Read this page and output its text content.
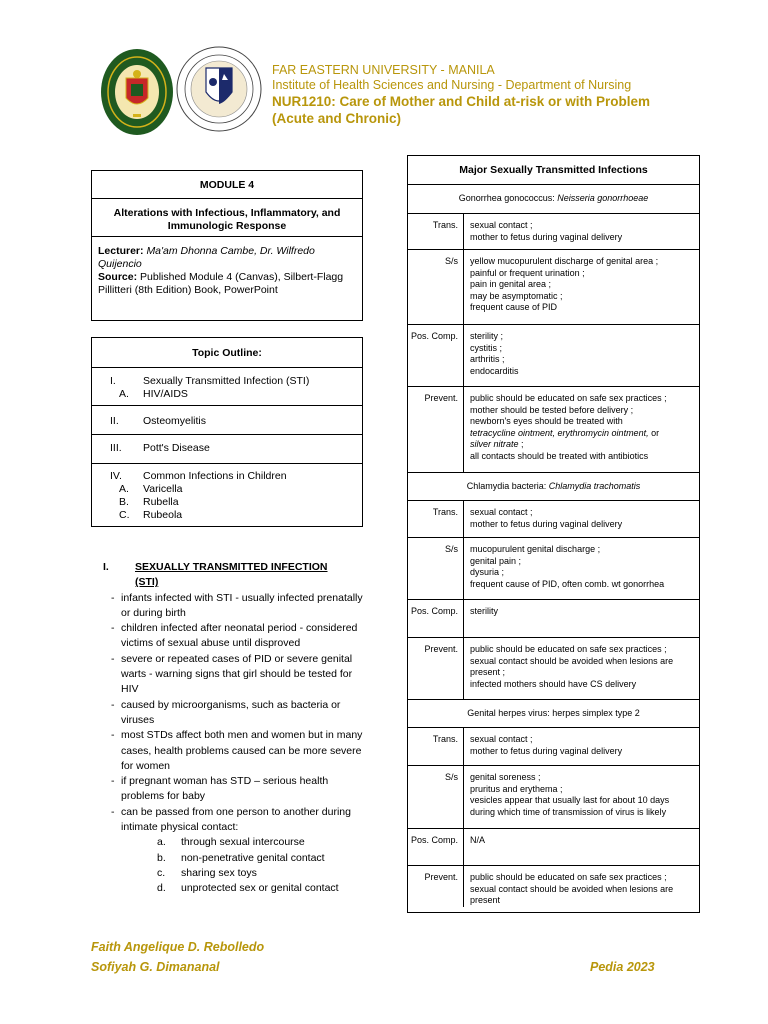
FAR EASTERN UNIVERSITY - MANILA
Institute of Health Sciences and Nursing - Department of Nursing
NUR1210: Care of Mother and Child at-risk or with Problem
(Acute and Chronic)
MODULE 4
Alterations with Infectious, Inflammatory, and Immunologic Response
Lecturer: Ma'am Dhonna Cambe, Dr. Wilfredo Quijencio
Source: Published Module 4 (Canvas), Silbert-Flagg Pillitteri (8th Edition) Book, PowerPoint
Topic Outline:
I.	Sexually Transmitted Infection (STI)
A.	HIV/AIDS
II.	Osteomyelitis
III.	Pott's Disease
IV.	Common Infections in Children
A.	Varicella
B.	Rubella
C.	Rubeola
I.	SEXUALLY TRANSMITTED INFECTION
(STI)
- infants infected with STI - usually infected prenatally or during birth
- children infected after neonatal period - considered victims of sexual abuse until disproved
- severe or repeated cases of PID or severe genital warts - warning signs that girl should be tested for HIV
- caused by microorganisms, such as bacteria or viruses
- most STDs affect both men and women but in many cases, health problems caused can be more severe for women
- if pregnant woman has STD – serious health problems for baby
- can be passed from one person to another during intimate physical contact:
a.	through sexual intercourse
b.	non-penetrative genital contact
c.	sharing sex toys
d.	unprotected sex or genital contact
Major Sexually Transmitted Infections
Gonorrhea gonococcus: Neisseria gonorrhoeae
Trans.	sexual contact ;
mother to fetus during vaginal delivery
S/s	yellow mucopurulent discharge of genital area ;
painful or frequent urination ;
pain in genital area ;
may be asymptomatic ;
frequent cause of PID
Pos. Comp.	sterility ;
cystitis ;
arthritis ;
endocarditis
Prevent.	public should be educated on safe sex practices ;
mother should be tested before delivery ;
newborn's eyes should be treated with
tetracycline ointment, erythromycin ointment, or
silver nitrate ;
all contacts should be treated with antibiotics
Chlamydia bacteria: Chlamydia trachomatis
Trans.	sexual contact ;
mother to fetus during vaginal delivery
S/s	mucopurulent genital discharge ;
genital pain ;
dysuria ;
frequent cause of PID, often comb. wt gonorrhea
Pos. Comp.	sterility
Prevent.	public should be educated on safe sex practices ;
sexual contact should be avoided when lesions are present ;
infected mothers should have CS delivery
Genital herpes virus: herpes simplex type 2
Trans.	sexual contact ;
mother to fetus during vaginal delivery
S/s	genital soreness ;
pruritus and erythema ;
vesicles appear that usually last for about 10 days during which time of transmission of virus is likely
Pos. Comp.	N/A
Prevent.	public should be educated on safe sex practices ;
sexual contact should be avoided when lesions are present
Faith Angelique D. Rebolledo
Sofiyah G. Dimananal	Pedia 2023
